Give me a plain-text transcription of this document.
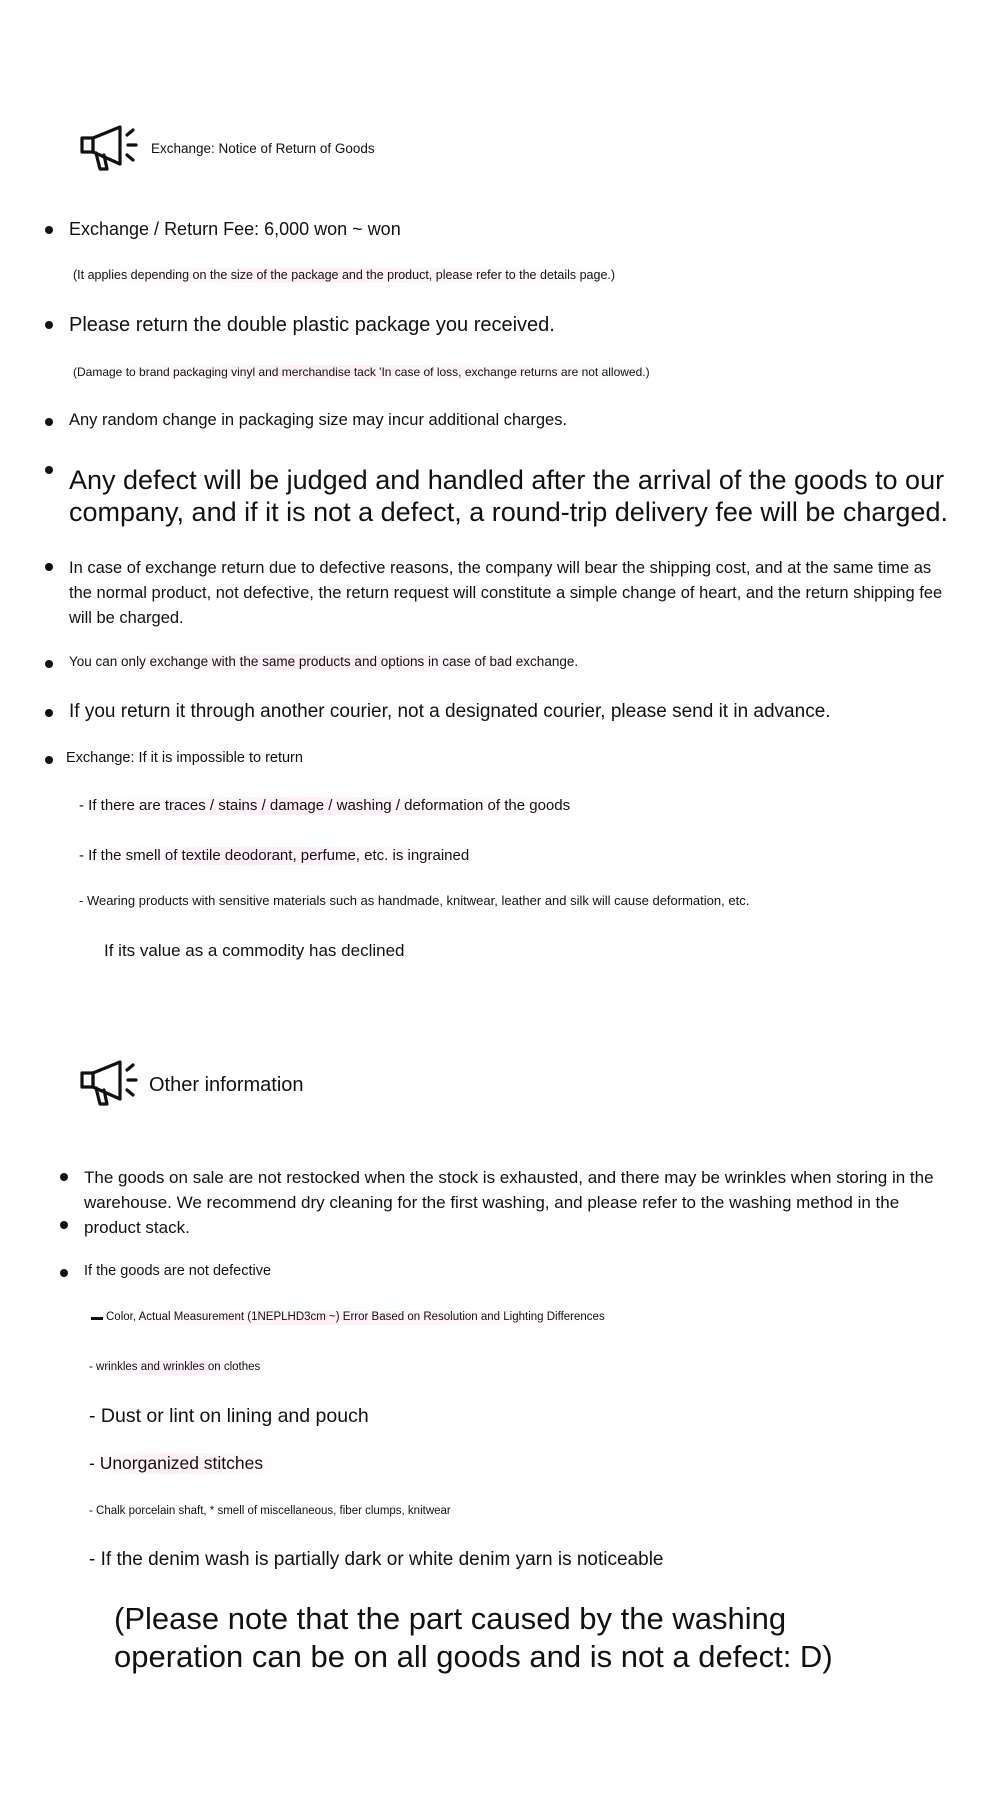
Exchange: Notice of Return of Goods
Exchange / Return Fee: 6,000 won ~ won
(It applies depending on the size of the package and the product, please refer to the details page.)
Please return the double plastic package you received.
(Damage to brand packaging vinyl and merchandise tack 'In case of loss, exchange returns are not allowed.)
Any random change in packaging size may incur additional charges.
Any defect will be judged and handled after the arrival of the goods to our company, and if it is not a defect, a round-trip delivery fee will be charged.
In case of exchange return due to defective reasons, the company will bear the shipping cost, and at the same time as the normal product, not defective, the return request will constitute a simple change of heart, and the return shipping fee will be charged.
You can only exchange with the same products and options in case of bad exchange.
If you return it through another courier, not a designated courier, please send it in advance.
Exchange: If it is impossible to return
- If there are traces / stains / damage / washing / deformation of the goods
- If the smell of textile deodorant, perfume, etc. is ingrained
- Wearing products with sensitive materials such as handmade, knitwear, leather and silk will cause deformation, etc.
If its value as a commodity has declined
Other information
The goods on sale are not restocked when the stock is exhausted, and there may be wrinkles when storing in the warehouse. We recommend dry cleaning for the first washing, and please refer to the washing method in the product stack.
If the goods are not defective
Color, Actual Measurement (1NEPLHD3cm ~) Error Based on Resolution and Lighting Differences
- wrinkles and wrinkles on clothes
- Dust or lint on lining and pouch
- Unorganized stitches
- Chalk porcelain shaft, * smell of miscellaneous, fiber clumps, knitwear
- If the denim wash is partially dark or white denim yarn is noticeable
(Please note that the part caused by the washing operation can be on all goods and is not a defect: D)
